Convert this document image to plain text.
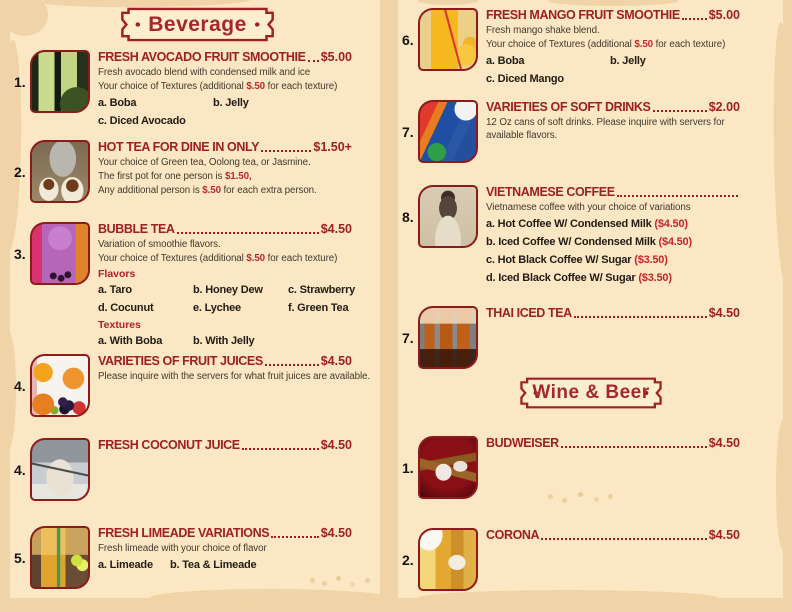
Beverage
1.
FRESH AVOCADO FRUIT SMOOTHIE $5.00
Fresh avocado blend with condensed milk and ice
Your choice of Textures (additional $.50 for each texture)
a. Boba	b. Jelly
c. Diced Avocado
2.
HOT TEA FOR DINE IN ONLY	$1.50+
Your choice of Green tea, Oolong tea, or Jasmine.
The first pot for one person is $1.50,
Any additional person is $.50 for each extra person.
3.
BUBBLE TEA	$4.50
Variation of smoothie flavors.
Your choice of Textures (additional $.50 for each texture)
Flavors
a. Taro	b. Honey Dew	c. Strawberry
d. Cocunut	e. Lychee	f. Green Tea
Textures
a. With Boba	b. With Jelly
4.
VARIETIES OF FRUIT JUICES	$4.50
Please inquire with the servers for what fruit juices are available.
4.
FRESH COCONUT JUICE	$4.50
5.
FRESH LIMEADE VARIATIONS	$4.50
Fresh limeade with your choice of flavor
a. Limeade	b. Tea & Limeade
Wine & Beer
6.
FRESH MANGO FRUIT SMOOTHIE $5.00
Fresh mango shake blend.
Your choice of Textures (additional $.50 for each texture)
a. Boba	b. Jelly
c. Diced Mango
7.
VARIETIES OF SOFT DRINKS	$2.00
12 Oz cans of soft drinks. Please inquire with servers for available flavors.
8.
VIETNAMESE COFFEE
Vietnamese coffee with your choice of variations
a. Hot Coffee W/ Condensed Milk ($4.50)
b. Iced Coffee W/ Condensed Milk ($4.50)
c. Hot Black Coffee W/ Sugar ($3.50)
d. Iced Black Coffee W/ Sugar ($3.50)
7.
THAI ICED TEA	$4.50
1.
BUDWEISER	$4.50
2.
CORONA	$4.50
